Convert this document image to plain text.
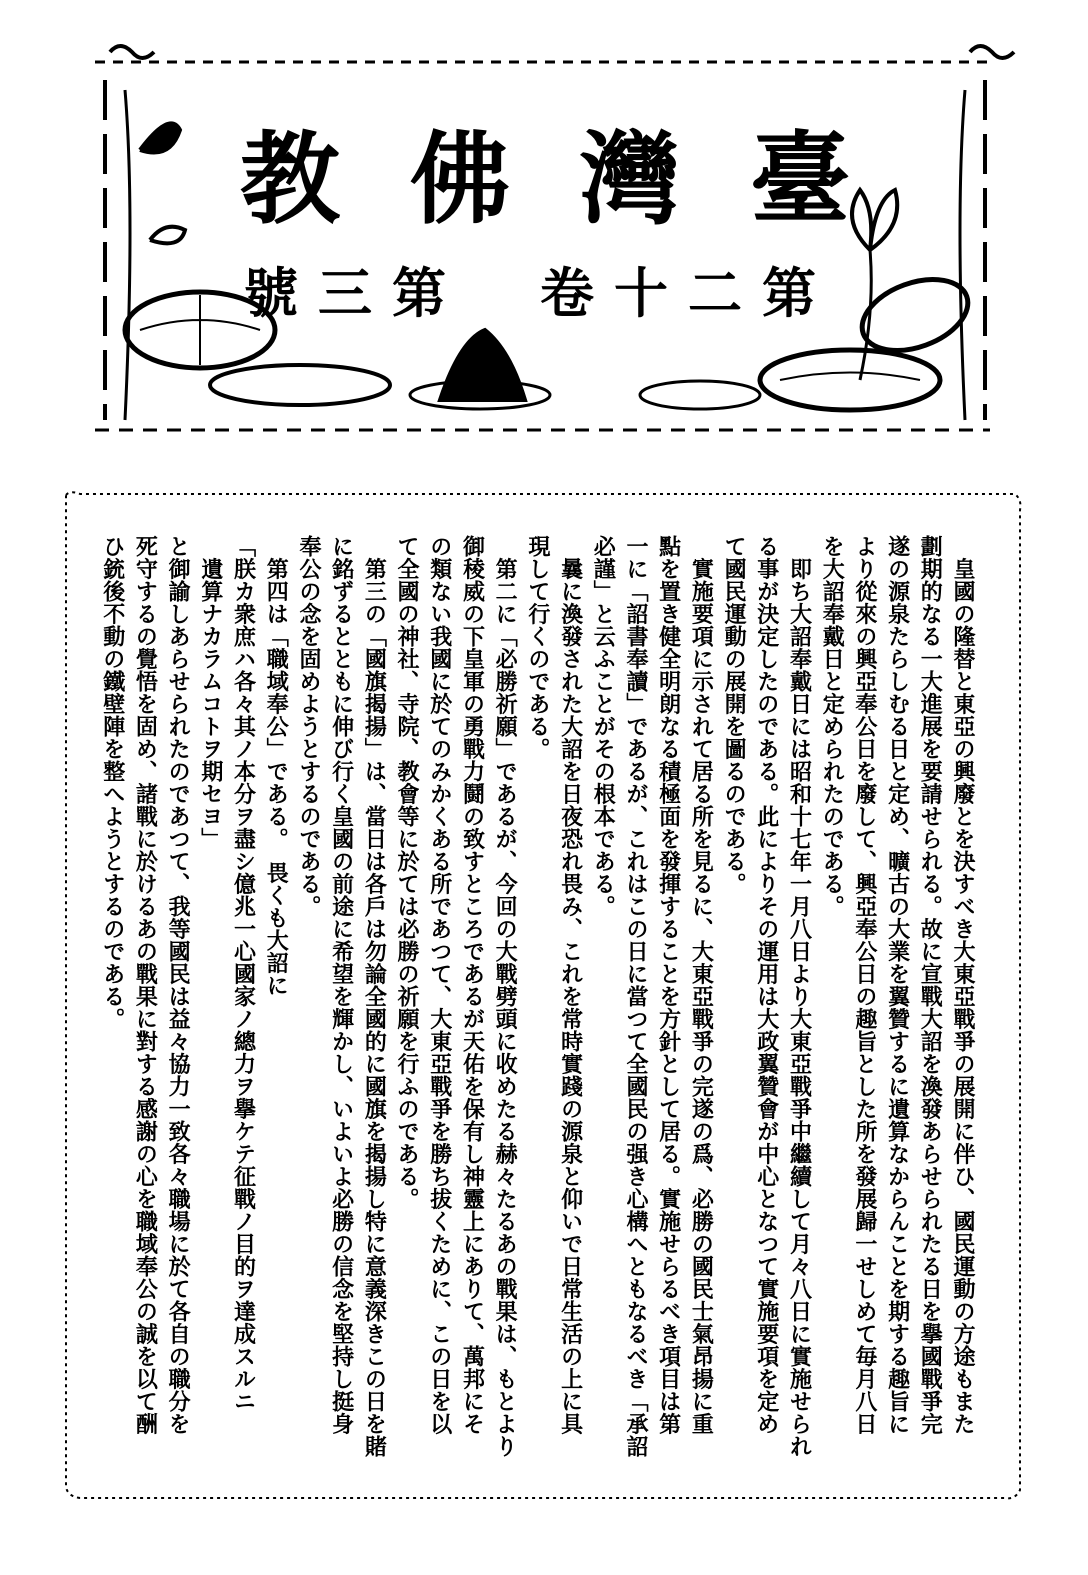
臺灣佛教
第二十卷　第三號
　皇國の隆替と東亞の興廢とを決すべき大東亞戰爭の展開に伴ひ、國民運動の方途もまた
劃期的なる一大進展を要請せられる。故に宣戰大詔を渙發あらせられたる日を擧國戰爭完
遂の源泉たらしむる日と定め、曠古の大業を翼贊するに遺算なからんことを期する趣旨に
より從來の興亞奉公日を廢して、興亞奉公日の趣旨とした所を發展歸一せしめて毎月八日
を大詔奉戴日と定められたのである。
　即ち大詔奉戴日には昭和十七年一月八日より大東亞戰爭中繼續して月々八日に實施せられ
る事が決定したのである。此によりその運用は大政翼贊會が中心となつて實施要項を定め
て國民運動の展開を圖るのである。
　實施要項に示されて居る所を見るに、大東亞戰爭の完遂の爲、必勝の國民士氣昂揚に重
點を置き健全明朗なる積極面を發揮することを方針として居る。實施せらるべき項目は第
一に「詔書奉讀」であるが、これはこの日に當つて全國民の强き心構へともなるべき「承詔
必謹」と云ふことがその根本である。
　曩に渙發された大詔を日夜恐れ畏み、これを常時實踐の源泉と仰いで日常生活の上に具
現して行くのである。
　第二に「必勝祈願」であるが、今回の大戰劈頭に收めたる赫々たるあの戰果は、もとより
御稜威の下皇軍の勇戰力鬪の致すところであるが天佑を保有し神靈上にありて、萬邦にそ
の類ない我國に於てのみかくある所であつて、大東亞戰爭を勝ち拔くために、この日を以
て全國の神社、寺院、教會等に於ては必勝の祈願を行ふのである。
　第三の「國旗揭揚」は、當日は各戶は勿論全國的に國旗を揭揚し特に意義深きこの日を賭
に銘ずるとともに伸び行く皇國の前途に希望を輝かし、いよいよ必勝の信念を堅持し挺身
奉公の念を固めようとするのである。
　第四は「職域奉公」である。　畏くも大詔に
「朕カ衆庶ハ各々其ノ本分ヲ盡シ億兆一心國家ノ總力ヲ擧ケテ征戰ノ目的ヲ達成スルニ
　遺算ナカラムコトヲ期セヨ」
と御諭しあらせられたのであつて、我等國民は益々協力一致各々職場に於て各自の職分を
死守するの覺悟を固め、諸戰に於けるあの戰果に對する感謝の心を職域奉公の誠を以て酬
ひ銃後不動の鐵壁陣を整へようとするのである。
